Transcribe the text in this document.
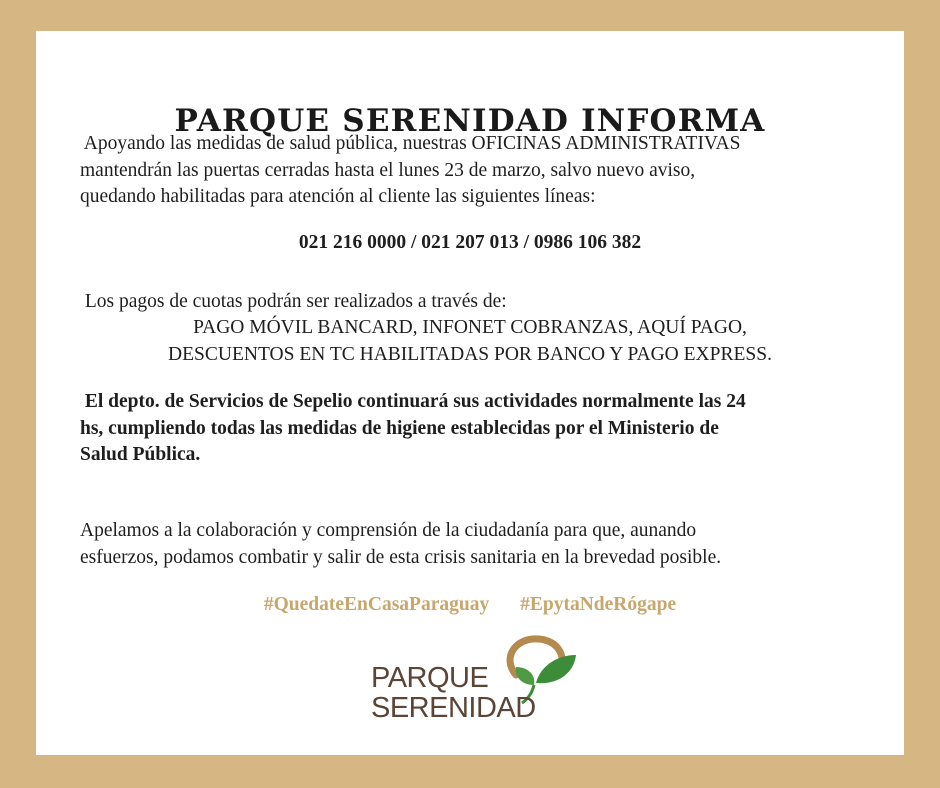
PARQUE SERENIDAD INFORMA
Apoyando las medidas de salud pública, nuestras OFICINAS ADMINISTRATIVAS
mantendrán las puertas cerradas hasta el lunes 23 de marzo, salvo nuevo aviso,
quedando habilitadas para atención al cliente las siguientes líneas:
021 216 0000 / 021 207 013 / 0986 106 382
Los pagos de cuotas podrán ser realizados a través de:
PAGO MÓVIL BANCARD, INFONET COBRANZAS, AQUÍ PAGO,
DESCUENTOS EN TC HABILITADAS POR BANCO Y PAGO EXPRESS.
El depto. de Servicios de Sepelio continuará sus actividades normalmente las 24
hs, cumpliendo todas las medidas de higiene establecidas por el Ministerio de
Salud Pública.
Apelamos a la colaboración y comprensión de la ciudadanía para que, aunando
esfuerzos, podamos combatir y salir de esta crisis sanitaria en la brevedad posible.
#QuedateEnCasaParaguay #EpytaNdeRógape
PARQUE
SERENIDAD
